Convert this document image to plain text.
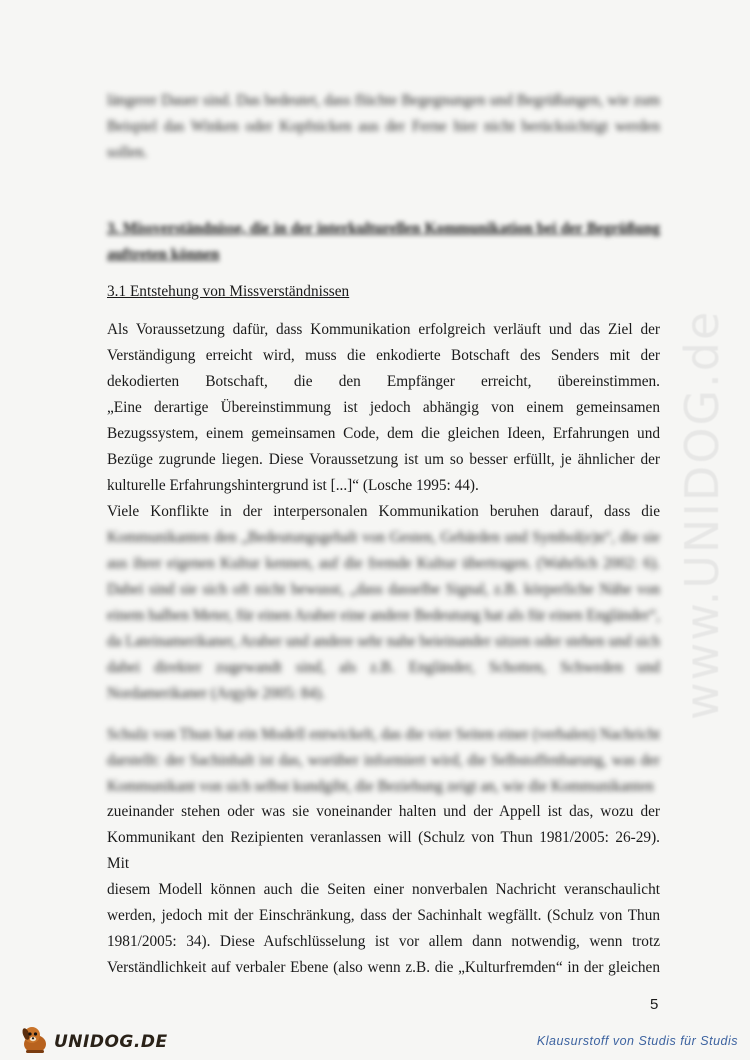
längerer Dauer sind. Das bedeutet, dass flüchte Begegnungen und Begrüßungen, wie zum Beispiel das Winken oder Kopfnicken aus der Ferne hier nicht berücksichtigt werden sollen.

3. Missverständnisse, die in der interkulturellen Kommunikation bei der Begrüßung auftreten können

3.1 Entstehung von Missverständnissen

Als Voraussetzung dafür, dass Kommunikation erfolgreich verläuft und das Ziel der
Verständigung erreicht wird, muss die enkodierte Botschaft des Senders mit der
dekodierten Botschaft, die den Empfänger erreicht, übereinstimmen.
„Eine derartige Übereinstimmung ist jedoch abhängig von einem gemeinsamen
Bezugssystem, einem gemeinsamen Code, dem die gleichen Ideen, Erfahrungen und
Bezüge zugrunde liegen. Diese Voraussetzung ist um so besser erfüllt, je ähnlicher der
kulturelle Erfahrungshintergrund ist [...]“ (Losche 1995: 44).
Viele Konflikte in der interpersonalen Kommunikation beruhen darauf, dass die

Kommunikanten den „Bedeutungsgehalt von Gesten, Gebärden und Symbol(e)n“, die sie aus ihrer eigenen Kultur kennen, auf die fremde Kultur übertragen. (Wahrlich 2002: 6). Dabei sind sie sich oft nicht bewusst, „dass dasselbe Signal, z.B. körperliche Nähe von einem halben Meter, für einen Araber eine andere Bedeutung hat als für einen Engländer“, da Lateinamerikaner, Araber und andere sehr nahe beieinander sitzen oder stehen und sich dabei direkter zugewandt sind, als z.B. Engländer, Schotten, Schweden und Nordamerikaner (Argyle 2005: 84).

Schulz von Thun hat ein Modell entwickelt, das die vier Seiten einer (verbalen) Nachricht darstellt: der Sachinhalt ist das, worüber informiert wird, die Selbstoffenbarung, was der Kommunikant von sich selbst kundgibt, die Beziehung zeigt an, wie die Kommunikanten

zueinander stehen oder was sie voneinander halten und der Appell ist das, wozu der
Kommunikant den Rezipienten veranlassen will (Schulz von Thun 1981/2005: 26-29). Mit
diesem Modell können auch die Seiten einer nonverbalen Nachricht veranschaulicht
werden, jedoch mit der Einschränkung, dass der Sachinhalt wegfällt. (Schulz von Thun
1981/2005: 34). Diese Aufschlüsselung ist vor allem dann notwendig, wenn trotz
Verständlichkeit auf verbaler Ebene (also wenn z.B. die „Kulturfremden“ in der gleichen
www.UNIDOG.de
5
UNIDOG.DE	Klausurstoff von Studis für Studis
